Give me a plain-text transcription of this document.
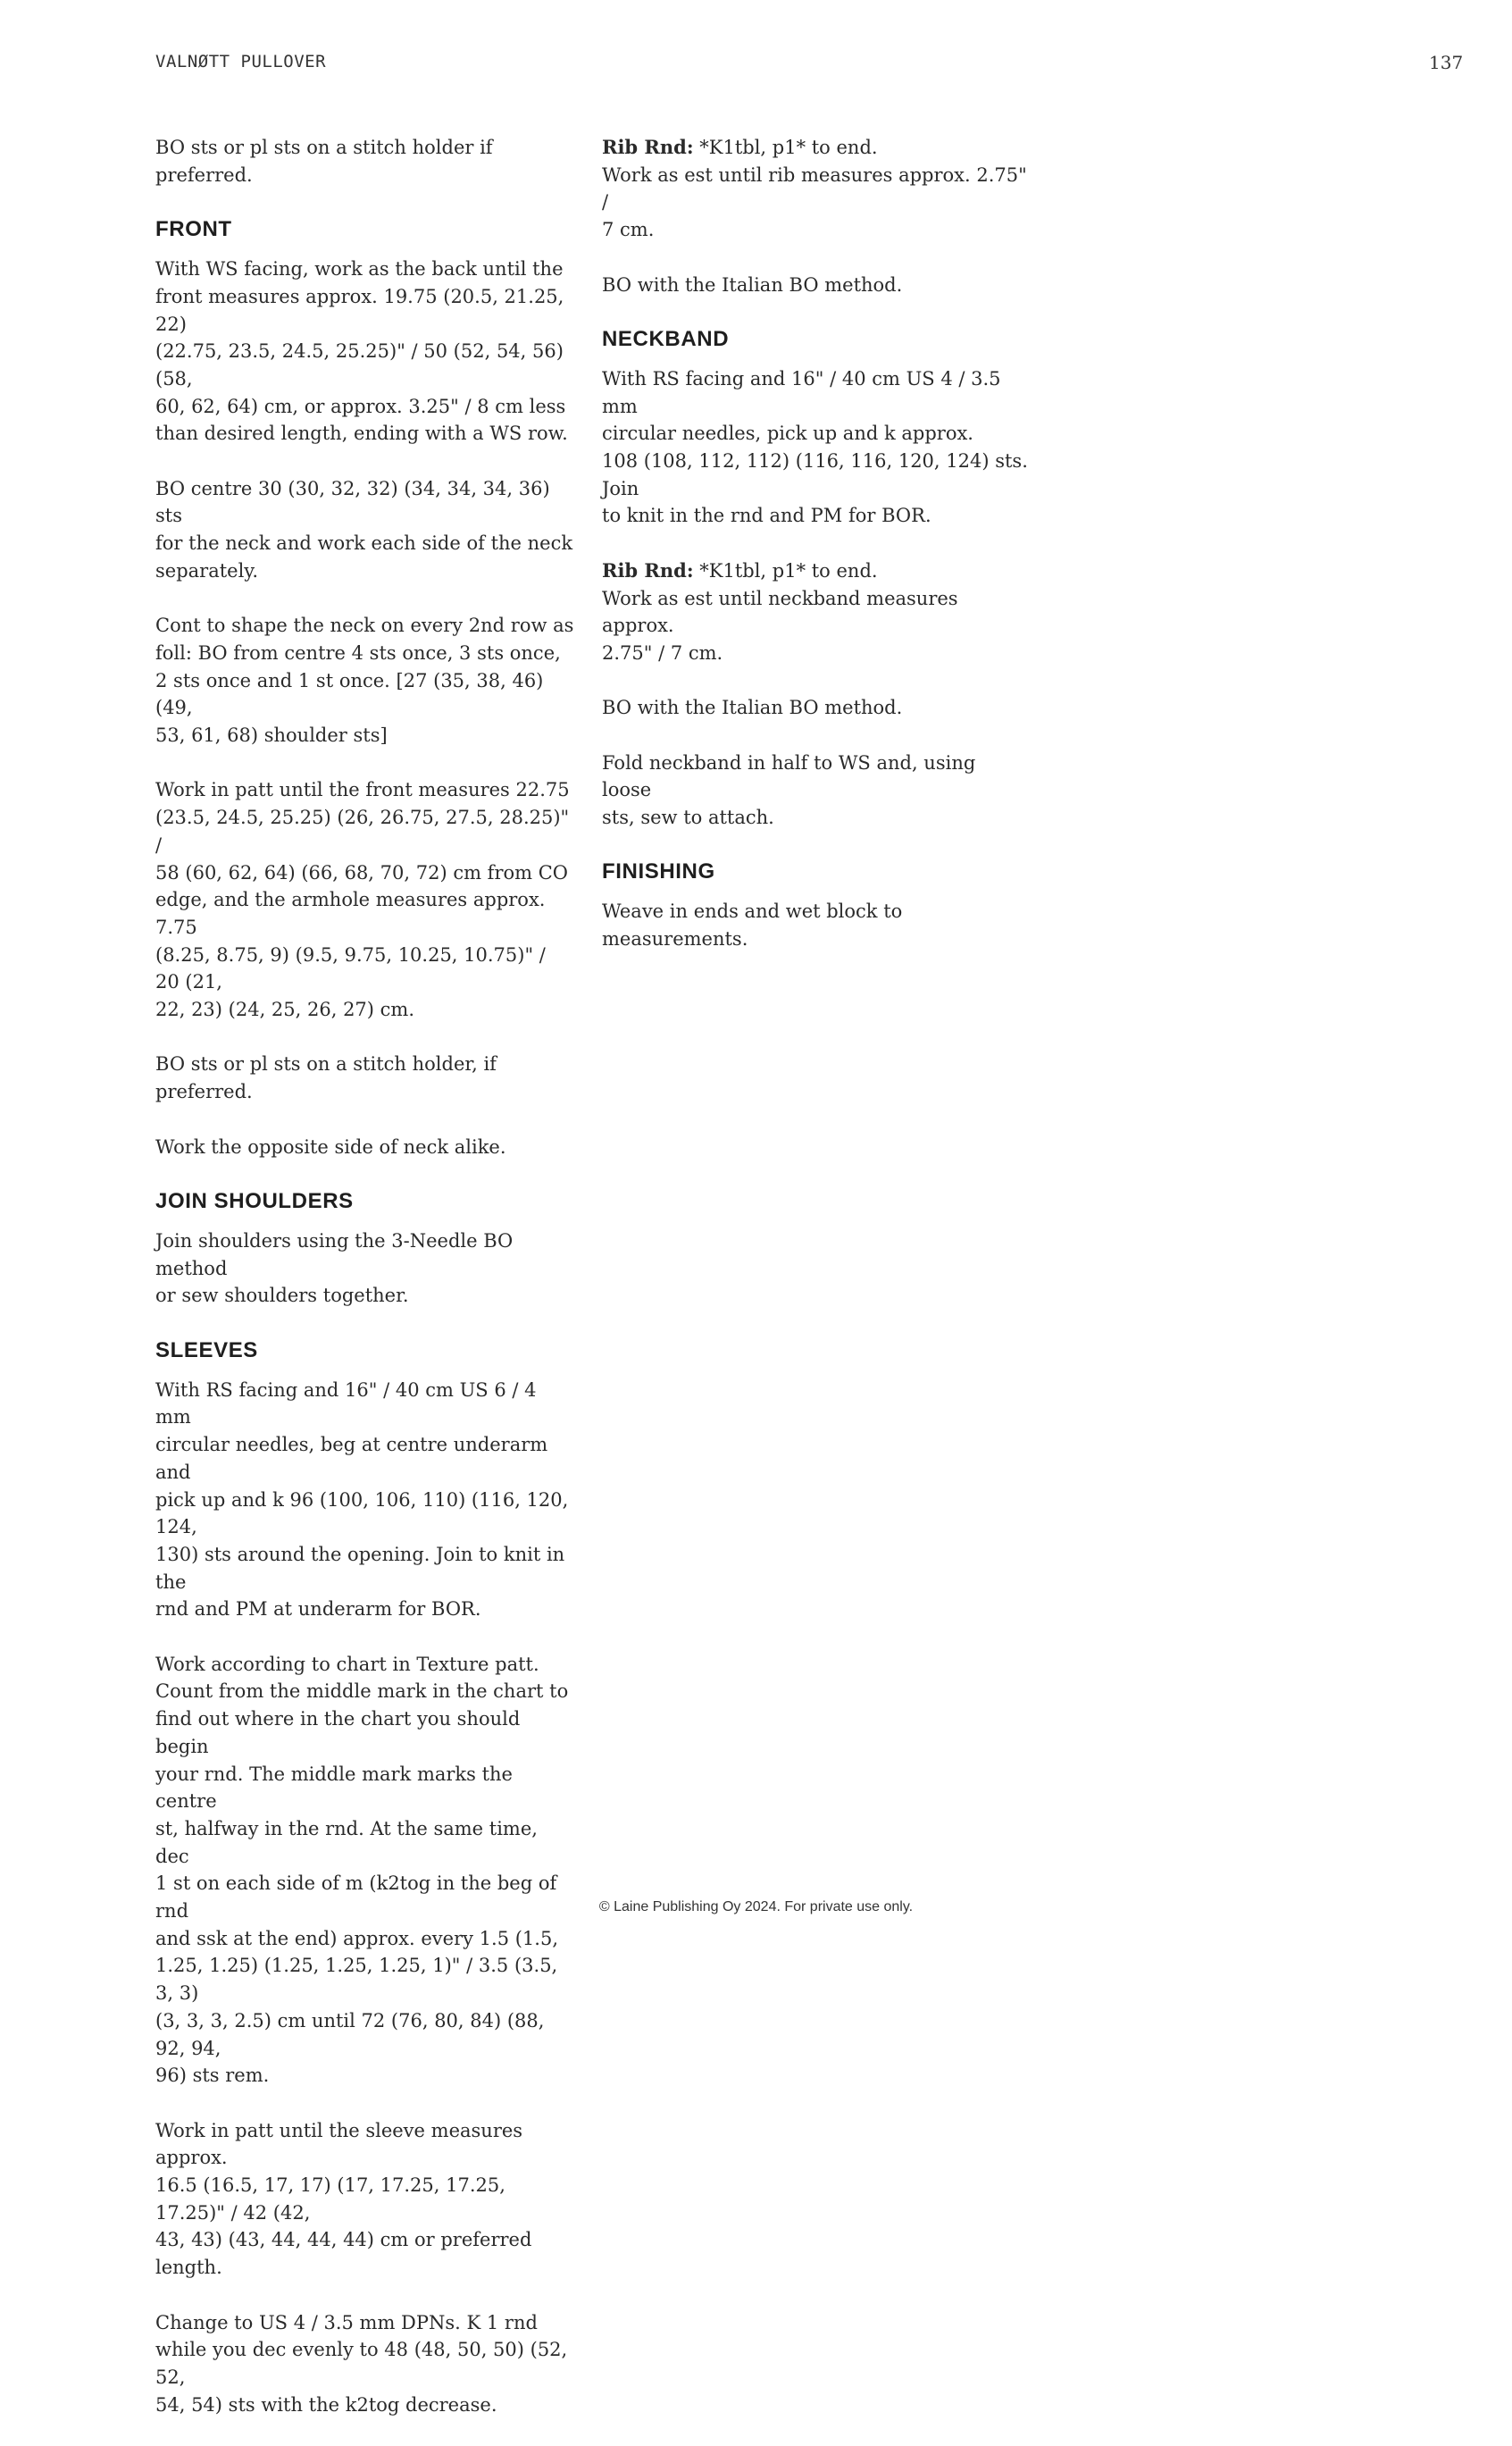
VALNØTT PULLOVER	137

BO sts or pl sts on a stitch holder if preferred.

FRONT

With WS facing, work as the back until the
front measures approx. 19.75 (20.5, 21.25, 22)
(22.75, 23.5, 24.5, 25.25)" / 50 (52, 54, 56) (58,
60, 62, 64) cm, or approx. 3.25" / 8 cm less
than desired length, ending with a WS row.

BO centre 30 (30, 32, 32) (34, 34, 34, 36) sts
for the neck and work each side of the neck
separately.

Cont to shape the neck on every 2nd row as
foll: BO from centre 4 sts once, 3 sts once,
2 sts once and 1 st once. [27 (35, 38, 46) (49,
53, 61, 68) shoulder sts]

Work in patt until the front measures 22.75
(23.5, 24.5, 25.25) (26, 26.75, 27.5, 28.25)" /
58 (60, 62, 64) (66, 68, 70, 72) cm from CO
edge, and the armhole measures approx. 7.75
(8.25, 8.75, 9) (9.5, 9.75, 10.25, 10.75)" / 20 (21,
22, 23) (24, 25, 26, 27) cm.

BO sts or pl sts on a stitch holder, if preferred.

Work the opposite side of neck alike.

JOIN SHOULDERS

Join shoulders using the 3-Needle BO method
or sew shoulders together.

SLEEVES

With RS facing and 16" / 40 cm US 6 / 4 mm
circular needles, beg at centre underarm and
pick up and k 96 (100, 106, 110) (116, 120, 124,
130) sts around the opening. Join to knit in the
rnd and PM at underarm for BOR.

Work according to chart in Texture patt.
Count from the middle mark in the chart to
find out where in the chart you should begin
your rnd. The middle mark marks the centre
st, halfway in the rnd. At the same time, dec
1 st on each side of m (k2tog in the beg of rnd
and ssk at the end) approx. every 1.5 (1.5,
1.25, 1.25) (1.25, 1.25, 1.25, 1)" / 3.5 (3.5, 3, 3)
(3, 3, 3, 2.5) cm until 72 (76, 80, 84) (88, 92, 94,
96) sts rem.

Work in patt until the sleeve measures approx.
16.5 (16.5, 17, 17) (17, 17.25, 17.25, 17.25)" / 42 (42,
43, 43) (43, 44, 44, 44) cm or preferred length.

Change to US 4 / 3.5 mm DPNs. K 1 rnd
while you dec evenly to 48 (48, 50, 50) (52, 52,
54, 54) sts with the k2tog decrease.

Rib Rnd: *K1tbl, p1* to end.
Work as est until rib measures approx. 2.75" /
7 cm.

BO with the Italian BO method.

NECKBAND

With RS facing and 16" / 40 cm US 4 / 3.5 mm
circular needles, pick up and k approx.
108 (108, 112, 112) (116, 116, 120, 124) sts. Join
to knit in the rnd and PM for BOR.

Rib Rnd: *K1tbl, p1* to end.
Work as est until neckband measures approx.
2.75" / 7 cm.

BO with the Italian BO method.

Fold neckband in half to WS and, using loose
sts, sew to attach.

FINISHING

Weave in ends and wet block to
measurements.

© Laine Publishing Oy 2024. For private use only.
